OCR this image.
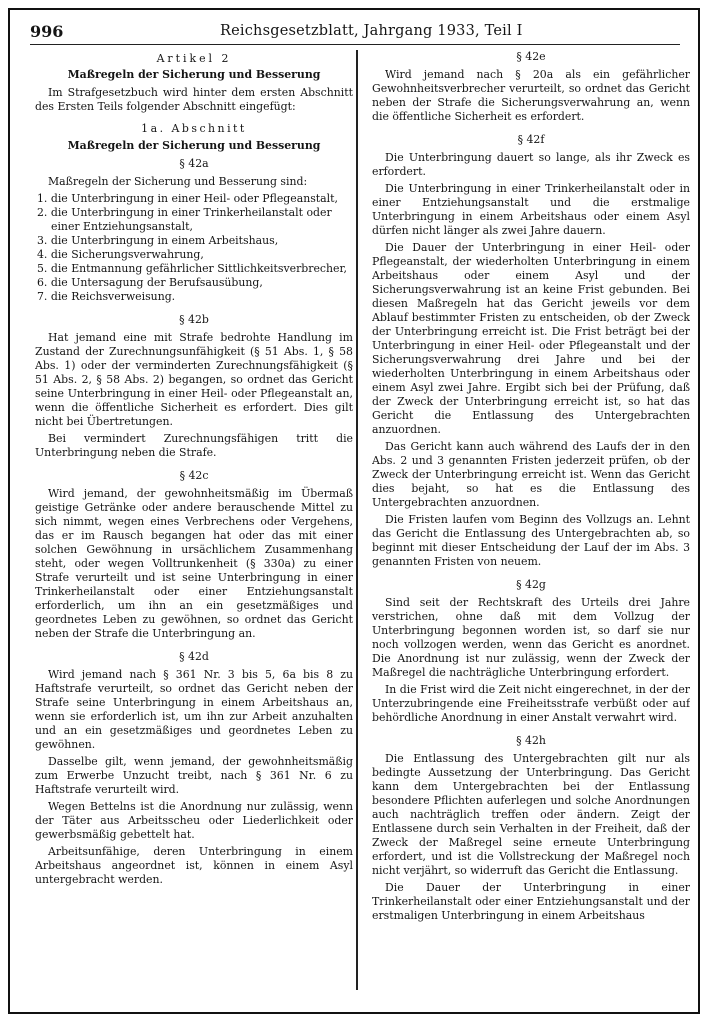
996	Reichsgesetzblatt, Jahrgang 1933, Teil I

Artikel 2

Maßregeln der Sicherung und Besserung

Im Strafgesetzbuch wird hinter dem ersten Abschnitt des Ersten Teils folgender Abschnitt eingefügt:

1a. Abschnitt

Maßregeln der Sicherung und Besserung

§ 42a

Maßregeln der Sicherung und Besserung sind:

1. die Unterbringung in einer Heil- oder Pflegeanstalt,
2. die Unterbringung in einer Trinkerheilanstalt oder einer Entziehungsanstalt,
3. die Unterbringung in einem Arbeitshaus,
4. die Sicherungsverwahrung,
5. die Entmannung gefährlicher Sittlichkeitsverbrecher,
6. die Untersagung der Berufsausübung,
7. die Reichsverweisung.

§ 42b

Hat jemand eine mit Strafe bedrohte Handlung im Zustand der Zurechnungsunfähigkeit (§ 51 Abs. 1, § 58 Abs. 1) oder der verminderten Zurechnungsfähigkeit (§ 51 Abs. 2, § 58 Abs. 2) begangen, so ordnet das Gericht seine Unterbringung in einer Heil- oder Pflegeanstalt an, wenn die öffentliche Sicherheit es erfordert. Dies gilt nicht bei Übertretungen.

Bei vermindert Zurechnungsfähigen tritt die Unterbringung neben die Strafe.

§ 42c

Wird jemand, der gewohnheitsmäßig im Übermaß geistige Getränke oder andere berauschende Mittel zu sich nimmt, wegen eines Verbrechens oder Vergehens, das er im Rausch begangen hat oder das mit einer solchen Gewöhnung in ursächlichem Zusammenhang steht, oder wegen Volltrunkenheit (§ 330a) zu einer Strafe verurteilt und ist seine Unterbringung in einer Trinkerheilanstalt oder einer Entziehungsanstalt erforderlich, um ihn an ein gesetzmäßiges und geordnetes Leben zu gewöhnen, so ordnet das Gericht neben der Strafe die Unterbringung an.

§ 42d

Wird jemand nach § 361 Nr. 3 bis 5, 6a bis 8 zu Haftstrafe verurteilt, so ordnet das Gericht neben der Strafe seine Unterbringung in einem Arbeitshaus an, wenn sie erforderlich ist, um ihn zur Arbeit anzuhalten und an ein gesetzmäßiges und geordnetes Leben zu gewöhnen.

Dasselbe gilt, wenn jemand, der gewohnheitsmäßig zum Erwerbe Unzucht treibt, nach § 361 Nr. 6 zu Haftstrafe verurteilt wird.

Wegen Bettelns ist die Anordnung nur zulässig, wenn der Täter aus Arbeitsscheu oder Liederlichkeit oder gewerbsmäßig gebettelt hat.

Arbeitsunfähige, deren Unterbringung in einem Arbeitshaus angeordnet ist, können in einem Asyl untergebracht werden.

§ 42e

Wird jemand nach § 20a als ein gefährlicher Gewohnheitsverbrecher verurteilt, so ordnet das Gericht neben der Strafe die Sicherungsverwahrung an, wenn die öffentliche Sicherheit es erfordert.

§ 42f

Die Unterbringung dauert so lange, als ihr Zweck es erfordert.

Die Unterbringung in einer Trinkerheilanstalt oder in einer Entziehungsanstalt und die erstmalige Unterbringung in einem Arbeitshaus oder einem Asyl dürfen nicht länger als zwei Jahre dauern.

Die Dauer der Unterbringung in einer Heil- oder Pflegeanstalt, der wiederholten Unterbringung in einem Arbeitshaus oder einem Asyl und der Sicherungsverwahrung ist an keine Frist gebunden. Bei diesen Maßregeln hat das Gericht jeweils vor dem Ablauf bestimmter Fristen zu entscheiden, ob der Zweck der Unterbringung erreicht ist. Die Frist beträgt bei der Unterbringung in einer Heil- oder Pflegeanstalt und der Sicherungsverwahrung drei Jahre und bei der wiederholten Unterbringung in einem Arbeitshaus oder einem Asyl zwei Jahre. Ergibt sich bei der Prüfung, daß der Zweck der Unterbringung erreicht ist, so hat das Gericht die Entlassung des Untergebrachten anzuordnen.

Das Gericht kann auch während des Laufs der in den Abs. 2 und 3 genannten Fristen jederzeit prüfen, ob der Zweck der Unterbringung erreicht ist. Wenn das Gericht dies bejaht, so hat es die Entlassung des Untergebrachten anzuordnen.

Die Fristen laufen vom Beginn des Vollzugs an. Lehnt das Gericht die Entlassung des Untergebrachten ab, so beginnt mit dieser Entscheidung der Lauf der im Abs. 3 genannten Fristen von neuem.

§ 42g

Sind seit der Rechtskraft des Urteils drei Jahre verstrichen, ohne daß mit dem Vollzug der Unterbringung begonnen worden ist, so darf sie nur noch vollzogen werden, wenn das Gericht es anordnet. Die Anordnung ist nur zulässig, wenn der Zweck der Maßregel die nachträgliche Unterbringung erfordert.

In die Frist wird die Zeit nicht eingerechnet, in der der Unterzubringende eine Freiheitsstrafe verbüßt oder auf behördliche Anordnung in einer Anstalt verwahrt wird.

§ 42h

Die Entlassung des Untergebrachten gilt nur als bedingte Aussetzung der Unterbringung. Das Gericht kann dem Untergebrachten bei der Entlassung besondere Pflichten auferlegen und solche Anordnungen auch nachträglich treffen oder ändern. Zeigt der Entlassene durch sein Verhalten in der Freiheit, daß der Zweck der Maßregel seine erneute Unterbringung erfordert, und ist die Vollstreckung der Maßregel noch nicht verjährt, so widerruft das Gericht die Entlassung.

Die Dauer der Unterbringung in einer Trinkerheilanstalt oder einer Entziehungsanstalt und der erstmaligen Unterbringung in einem Arbeitshaus
